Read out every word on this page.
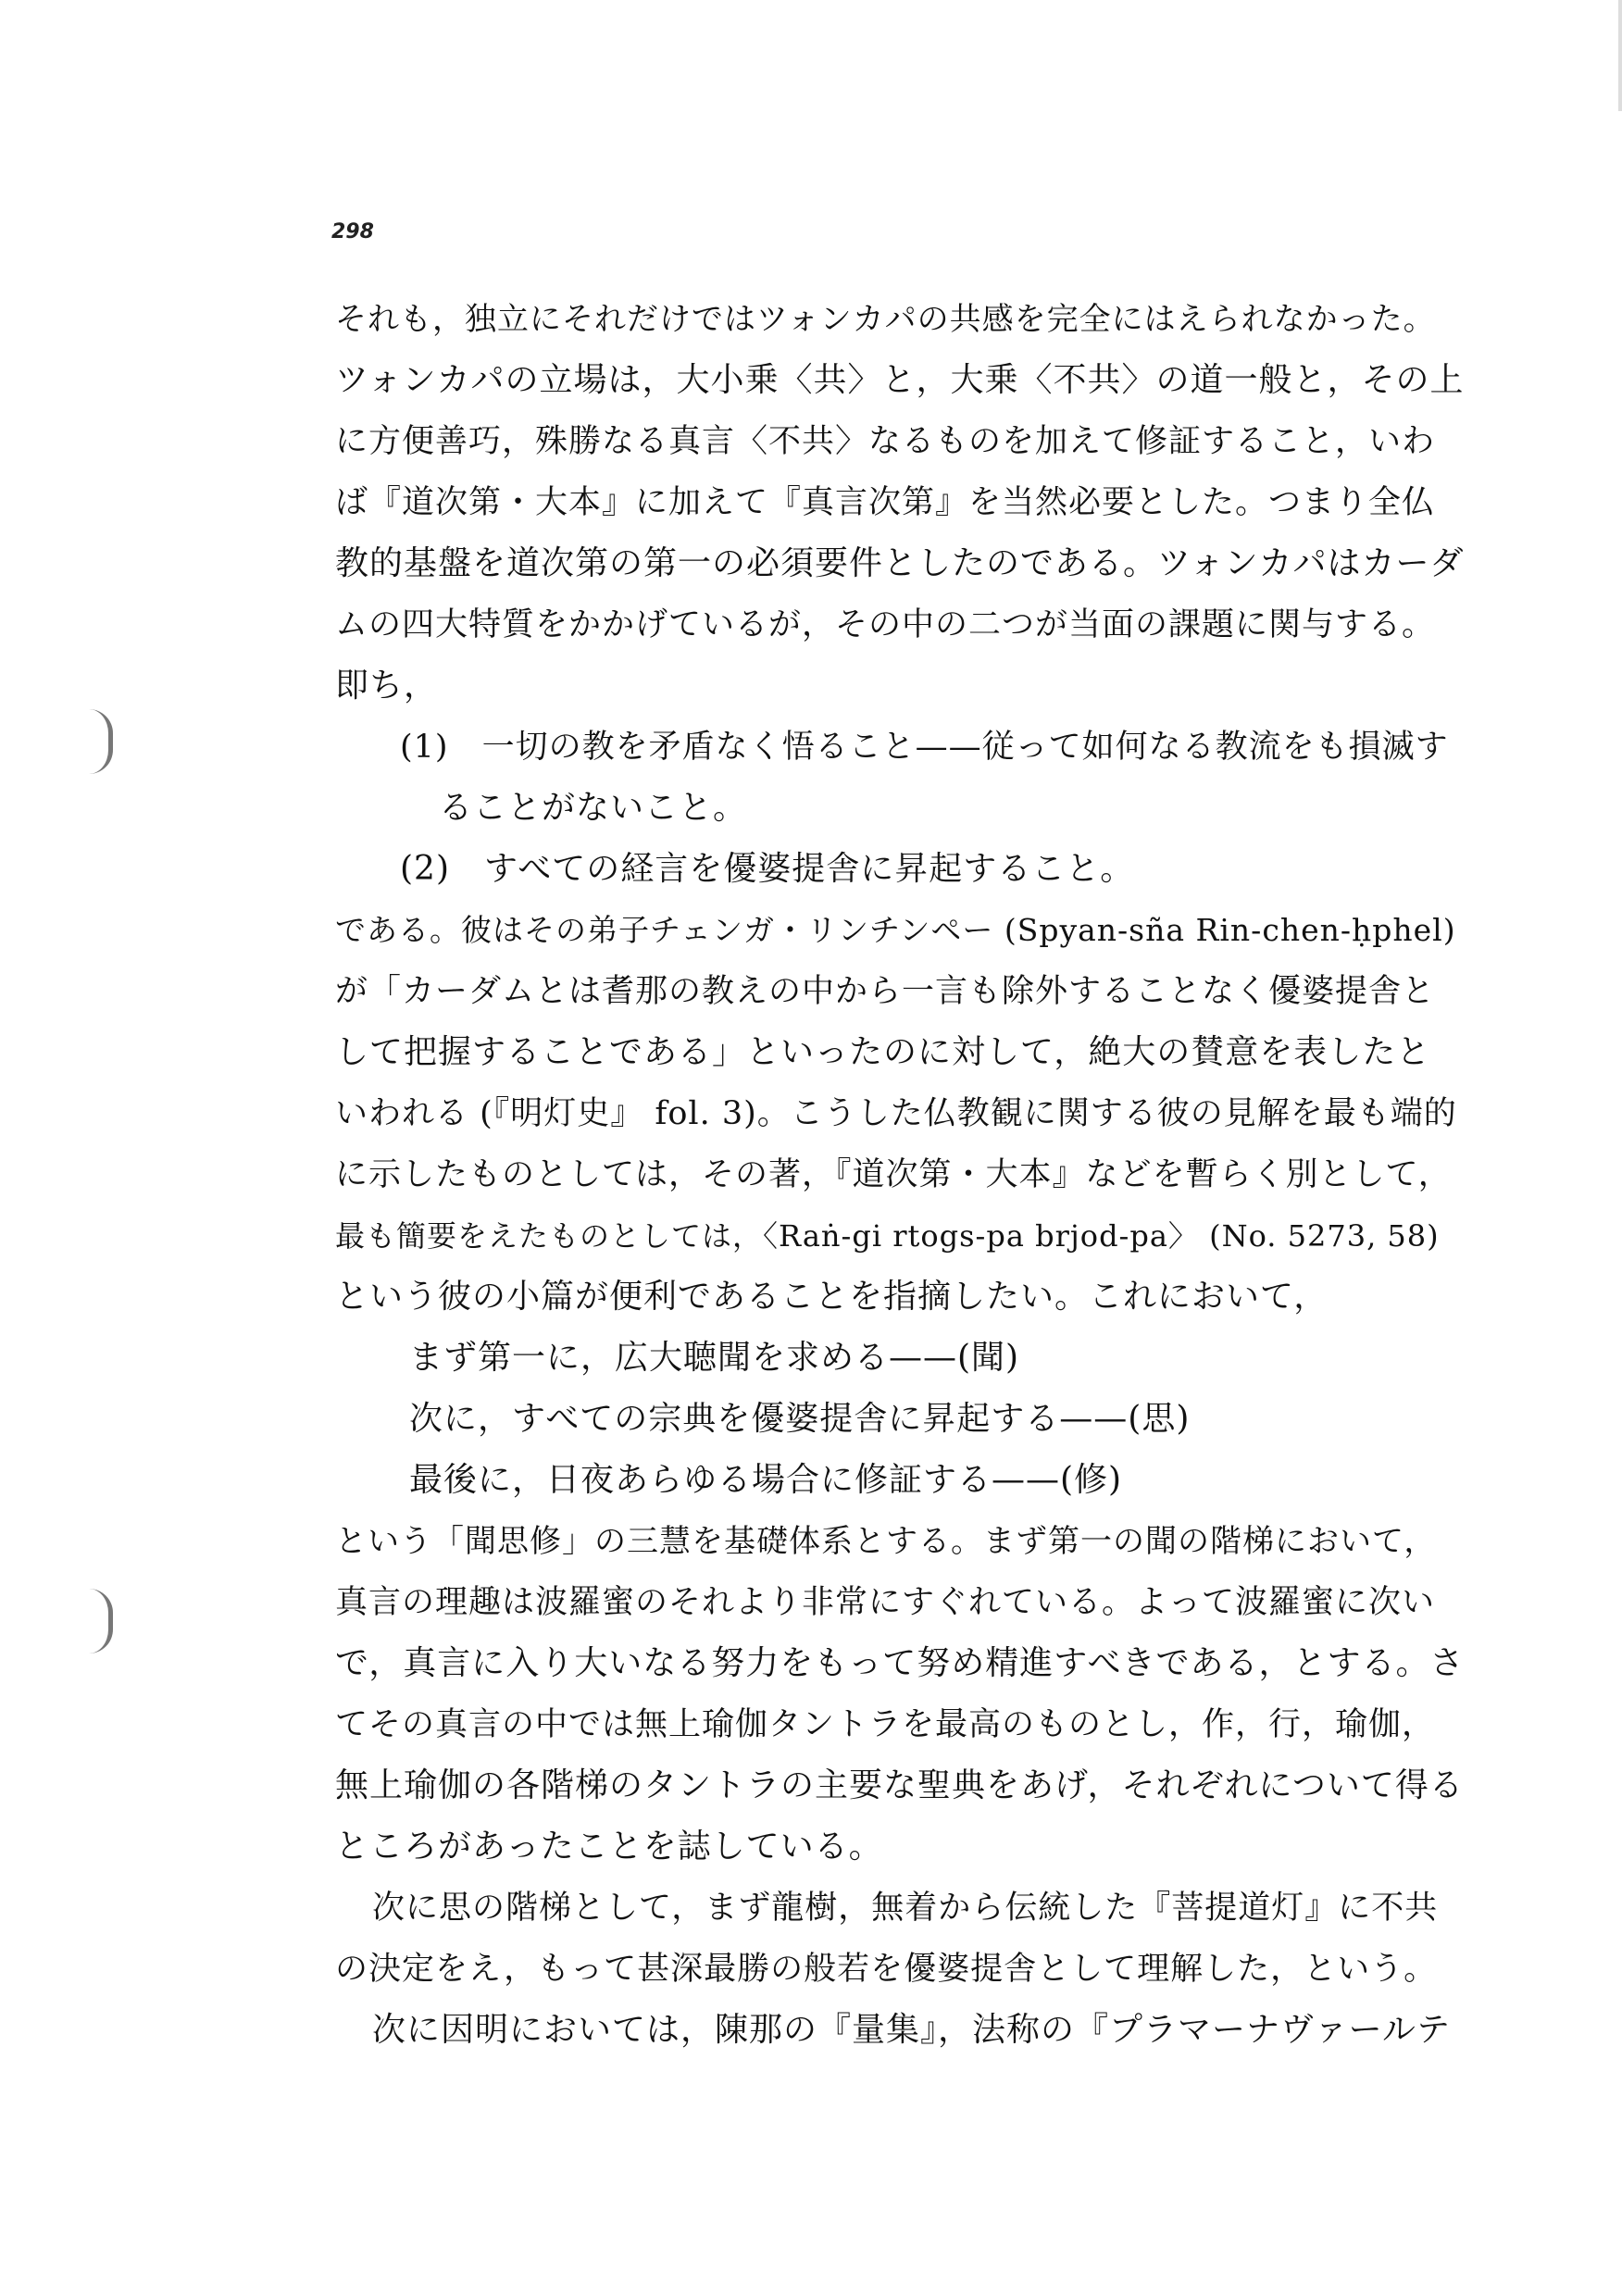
298
それも，独立にそれだけではツォンカパの共感を完全にはえられなかった。
ツォンカパの立場は，大小乗〈共〉と，大乗〈不共〉の道一般と，その上
に方便善巧，殊勝なる真言〈不共〉なるものを加えて修証すること，いわ
ば『道次第・大本』に加えて『真言次第』を当然必要とした。つまり全仏
教的基盤を道次第の第一の必須要件としたのである。ツォンカパはカーダ
ムの四大特質をかかげているが，その中の二つが当面の課題に関与する。
即ち，
(1)　一切の教を矛盾なく悟ること——従って如何なる教流をも損滅す
ることがないこと。
(2)　すべての経言を優婆提舎に昇起すること。
である。彼はその弟子チェンガ・リンチンペー (Spyan-sña Rin-chen-ḥphel)
が「カーダムとは耆那の教えの中から一言も除外することなく優婆提舎と
して把握することである」といったのに対して，絶大の賛意を表したと
いわれる (『明灯史』 fol. 3)。こうした仏教観に関する彼の見解を最も端的
に示したものとしては，その著，『道次第・大本』などを暫らく別として，
最も簡要をえたものとしては，〈Raṅ-gi rtogs-pa brjod-pa〉 (No. 5273, 58)
という彼の小篇が便利であることを指摘したい。これにおいて，
まず第一に，広大聴聞を求める——(聞)
次に，すべての宗典を優婆提舎に昇起する——(思)
最後に，日夜あらゆる場合に修証する——(修)
という「聞思修」の三慧を基礎体系とする。まず第一の聞の階梯において，
真言の理趣は波羅蜜のそれより非常にすぐれている。よって波羅蜜に次い
で，真言に入り大いなる努力をもって努め精進すべきである，とする。さ
てその真言の中では無上瑜伽タントラを最高のものとし，作，行，瑜伽，
無上瑜伽の各階梯のタントラの主要な聖典をあげ，それぞれについて得る
ところがあったことを誌している。
次に思の階梯として，まず龍樹，無着から伝統した『菩提道灯』に不共
の決定をえ，もって甚深最勝の般若を優婆提舎として理解した，という。
次に因明においては，陳那の『量集』，法称の『プラマーナヴァールテ
